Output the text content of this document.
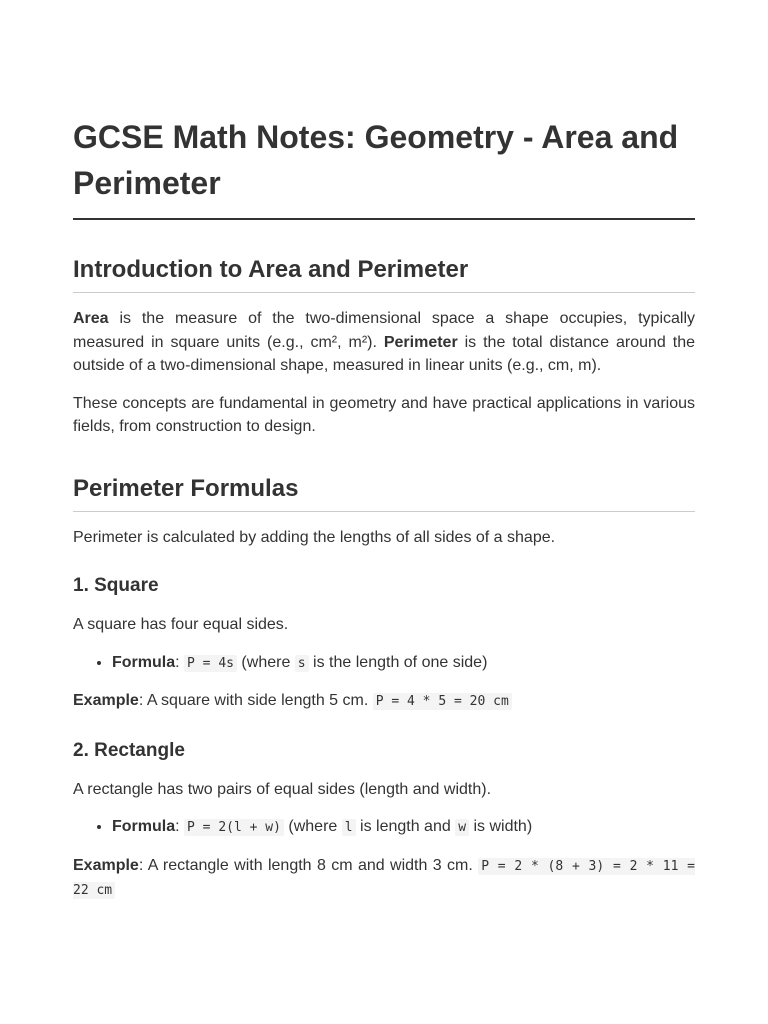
GCSE Math Notes: Geometry - Area and Perimeter
Introduction to Area and Perimeter

Area is the measure of the two-dimensional space a shape occupies, typically measured in square units (e.g., cm², m²). Perimeter is the total distance around the outside of a two-dimensional shape, measured in linear units (e.g., cm, m).

These concepts are fundamental in geometry and have practical applications in various fields, from construction to design.

Perimeter Formulas

Perimeter is calculated by adding the lengths of all sides of a shape.

1. Square

A square has four equal sides.

• Formula: P = 4s (where s is the length of one side)

Example: A square with side length 5 cm. P = 4 * 5 = 20 cm

2. Rectangle

A rectangle has two pairs of equal sides (length and width).

• Formula: P = 2(l + w) (where l is length and w is width)

Example: A rectangle with length 8 cm and width 3 cm. P = 2 * (8 + 3) = 2 * 11 = 22 cm
